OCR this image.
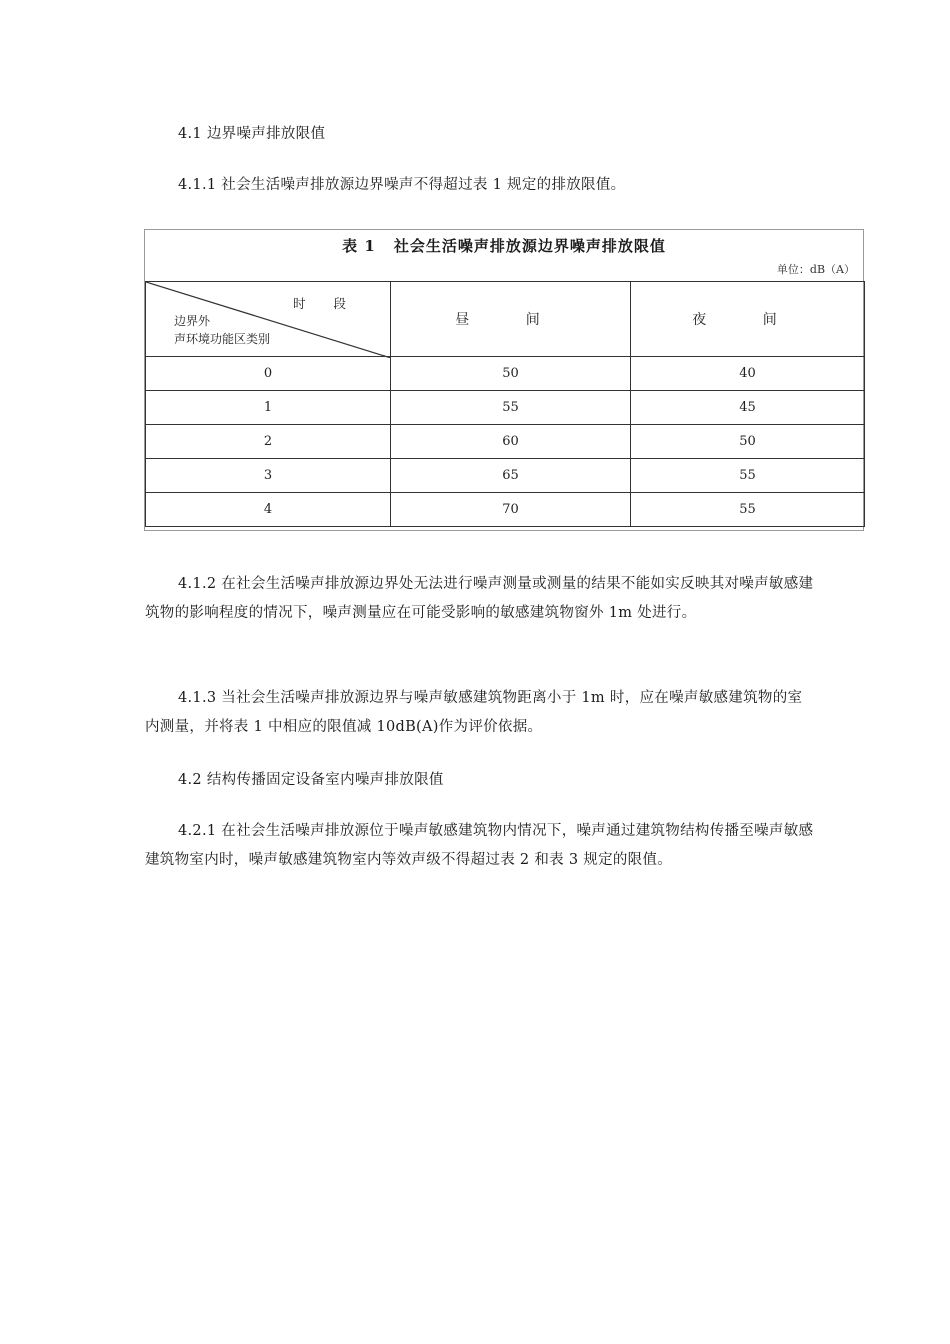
4.1 边界噪声排放限值

4.1.1 社会生活噪声排放源边界噪声不得超过表 1 规定的排放限值。

表 1 社会生活噪声排放源边界噪声排放限值
单位：dB（A）
时 段
边界外
声环境功能区类别	昼 间	夜 间
0	50	40
1	55	45
2	60	50
3	65	55
4	70	55

4.1.2 在社会生活噪声排放源边界处无法进行噪声测量或测量的结果不能如实反映其对噪声敏感建筑物的影响程度的情况下，噪声测量应在可能受影响的敏感建筑物窗外 1m 处进行。

4.1.3 当社会生活噪声排放源边界与噪声敏感建筑物距离小于 1m 时，应在噪声敏感建筑物的室内测量，并将表 1 中相应的限值减 10dB(A)作为评价依据。

4.2 结构传播固定设备室内噪声排放限值

4.2.1 在社会生活噪声排放源位于噪声敏感建筑物内情况下，噪声通过建筑物结构传播至噪声敏感建筑物室内时，噪声敏感建筑物室内等效声级不得超过表 2 和表 3 规定的限值。
